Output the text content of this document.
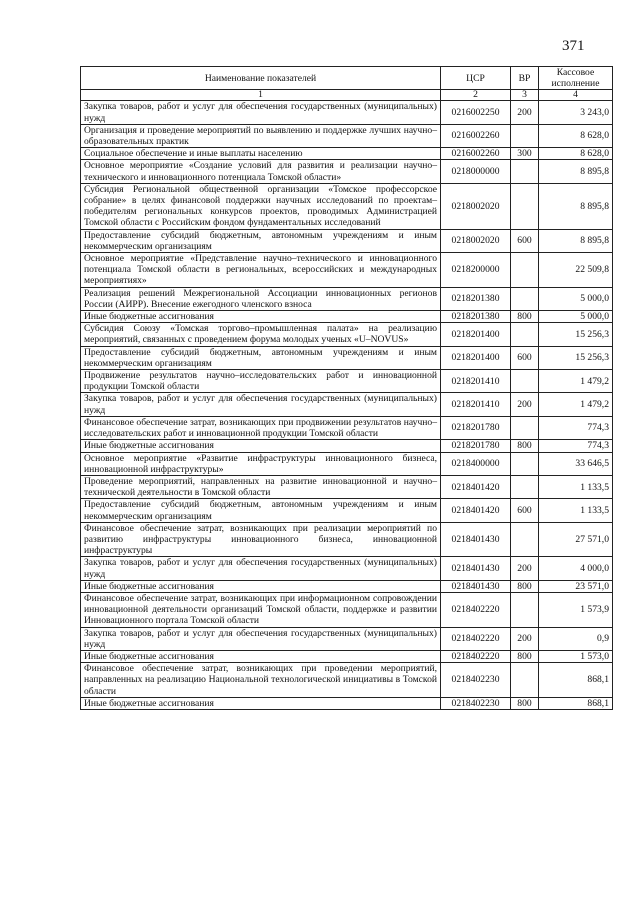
371
Наименование показателей	ЦСР	ВР	Кассовое исполнение
1	2	3	4
Закупка товаров, работ и услуг для обеспечения государственных (муниципальных) нужд	0216002250	200	3 243,0
Организация и проведение мероприятий по выявлению и поддержке лучших научно–образовательных практик	0216002260		8 628,0
Социальное обеспечение и иные выплаты населению	0216002260	300	8 628,0
Основное мероприятие «Создание условий для развития и реализации научно–технического и инновационного потенциала Томской области»	0218000000		8 895,8
Субсидия Региональной общественной организации «Томское профессорское собрание» в целях финансовой поддержки научных исследований по проектам–победителям региональных конкурсов проектов, проводимых Администрацией Томской области с Российским фондом фундаментальных исследований	0218002020		8 895,8
Предоставление субсидий бюджетным, автономным учреждениям и иным некоммерческим организациям	0218002020	600	8 895,8
Основное мероприятие «Представление научно–технического и инновационного потенциала Томской области в региональных, всероссийских и международных мероприятиях»	0218200000		22 509,8
Реализация решений Межрегиональной Ассоциации инновационных регионов России (АИРР). Внесение ежегодного членского взноса	0218201380		5 000,0
Иные бюджетные ассигнования	0218201380	800	5 000,0
Субсидия Союзу «Томская торгово–промышленная палата» на реализацию мероприятий, связанных с проведением форума молодых ученых «U–NOVUS»	0218201400		15 256,3
Предоставление субсидий бюджетным, автономным учреждениям и иным некоммерческим организациям	0218201400	600	15 256,3
Продвижение результатов научно–исследовательских работ и инновационной продукции Томской области	0218201410		1 479,2
Закупка товаров, работ и услуг для обеспечения государственных (муниципальных) нужд	0218201410	200	1 479,2
Финансовое обеспечение затрат, возникающих при продвижении результатов научно–исследовательских работ и инновационной продукции Томской области	0218201780		774,3
Иные бюджетные ассигнования	0218201780	800	774,3
Основное мероприятие «Развитие инфраструктуры инновационного бизнеса, инновационной инфраструктуры»	0218400000		33 646,5
Проведение мероприятий, направленных на развитие инновационной и научно–технической деятельности в Томской области	0218401420		1 133,5
Предоставление субсидий бюджетным, автономным учреждениям и иным некоммерческим организациям	0218401420	600	1 133,5
Финансовое обеспечение затрат, возникающих при реализации мероприятий по развитию инфраструктуры инновационного бизнеса, инновационной инфраструктуры	0218401430		27 571,0
Закупка товаров, работ и услуг для обеспечения государственных (муниципальных) нужд	0218401430	200	4 000,0
Иные бюджетные ассигнования	0218401430	800	23 571,0
Финансовое обеспечение затрат, возникающих при информационном сопровождении инновационной деятельности организаций Томской области, поддержке и развитии Инновационного портала Томской области	0218402220		1 573,9
Закупка товаров, работ и услуг для обеспечения государственных (муниципальных) нужд	0218402220	200	0,9
Иные бюджетные ассигнования	0218402220	800	1 573,0
Финансовое обеспечение затрат, возникающих при проведении мероприятий, направленных на реализацию Национальной технологической инициативы в Томской области	0218402230		868,1
Иные бюджетные ассигнования	0218402230	800	868,1
